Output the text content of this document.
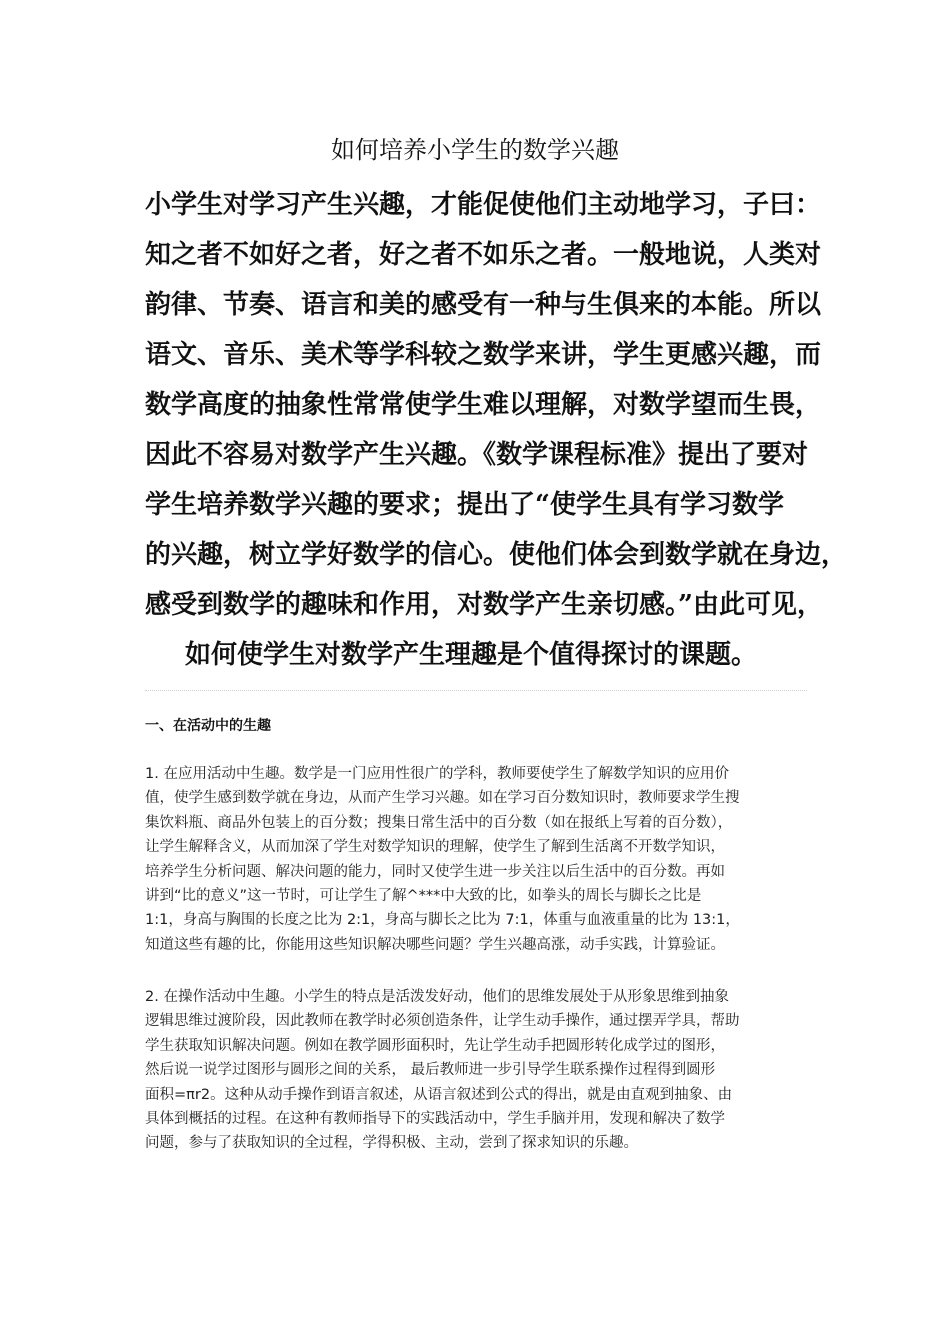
如何培养小学生的数学兴趣
小学生对学习产生兴趣，才能促使他们主动地学习，子曰：
知之者不如好之者，好之者不如乐之者。一般地说，人类对
韵律、节奏、语言和美的感受有一种与生俱来的本能。所以
语文、音乐、美术等学科较之数学来讲，学生更感兴趣，而
数学高度的抽象性常常使学生难以理解，对数学望而生畏，
因此不容易对数学产生兴趣。《数学课程标准》提出了要对
学生培养数学兴趣的要求；提出了“使学生具有学习数学
的兴趣，树立学好数学的信心。使他们体会到数学就在身边，
感受到数学的趣味和作用，对数学产生亲切感。”由此可见，
如何使学生对数学产生理趣是个值得探讨的课题。
一、在活动中的生趣
1. 在应用活动中生趣。数学是一门应用性很广的学科，教师要使学生了解数学知识的应用价
值，使学生感到数学就在身边，从而产生学习兴趣。如在学习百分数知识时，教师要求学生搜
集饮料瓶、商品外包装上的百分数；搜集日常生活中的百分数（如在报纸上写着的百分数），
让学生解释含义，从而加深了学生对数学知识的理解，使学生了解到生活离不开数学知识，
培养学生分析问题、解决问题的能力，同时又使学生进一步关注以后生活中的百分数。再如
讲到“比的意义”这一节时，可让学生了解^***中大致的比，如拳头的周长与脚长之比是
1:1，身高与胸围的长度之比为 2:1，身高与脚长之比为 7:1，体重与血液重量的比为 13:1，
知道这些有趣的比，你能用这些知识解决哪些问题？学生兴趣高涨，动手实践，计算验证。
2. 在操作活动中生趣。小学生的特点是活泼发好动，他们的思维发展处于从形象思维到抽象
逻辑思维过渡阶段，因此教师在教学时必须创造条件，让学生动手操作，通过摆弄学具，帮助
学生获取知识解决问题。例如在教学圆形面积时，先让学生动手把圆形转化成学过的图形，
然后说一说学过图形与圆形之间的关系， 最后教师进一步引导学生联系操作过程得到圆形
面积=πr2。这种从动手操作到语言叙述，从语言叙述到公式的得出，就是由直观到抽象、由
具体到概括的过程。在这种有教师指导下的实践活动中，学生手脑并用，发现和解决了数学
问题，参与了获取知识的全过程，学得积极、主动，尝到了探求知识的乐趣。
